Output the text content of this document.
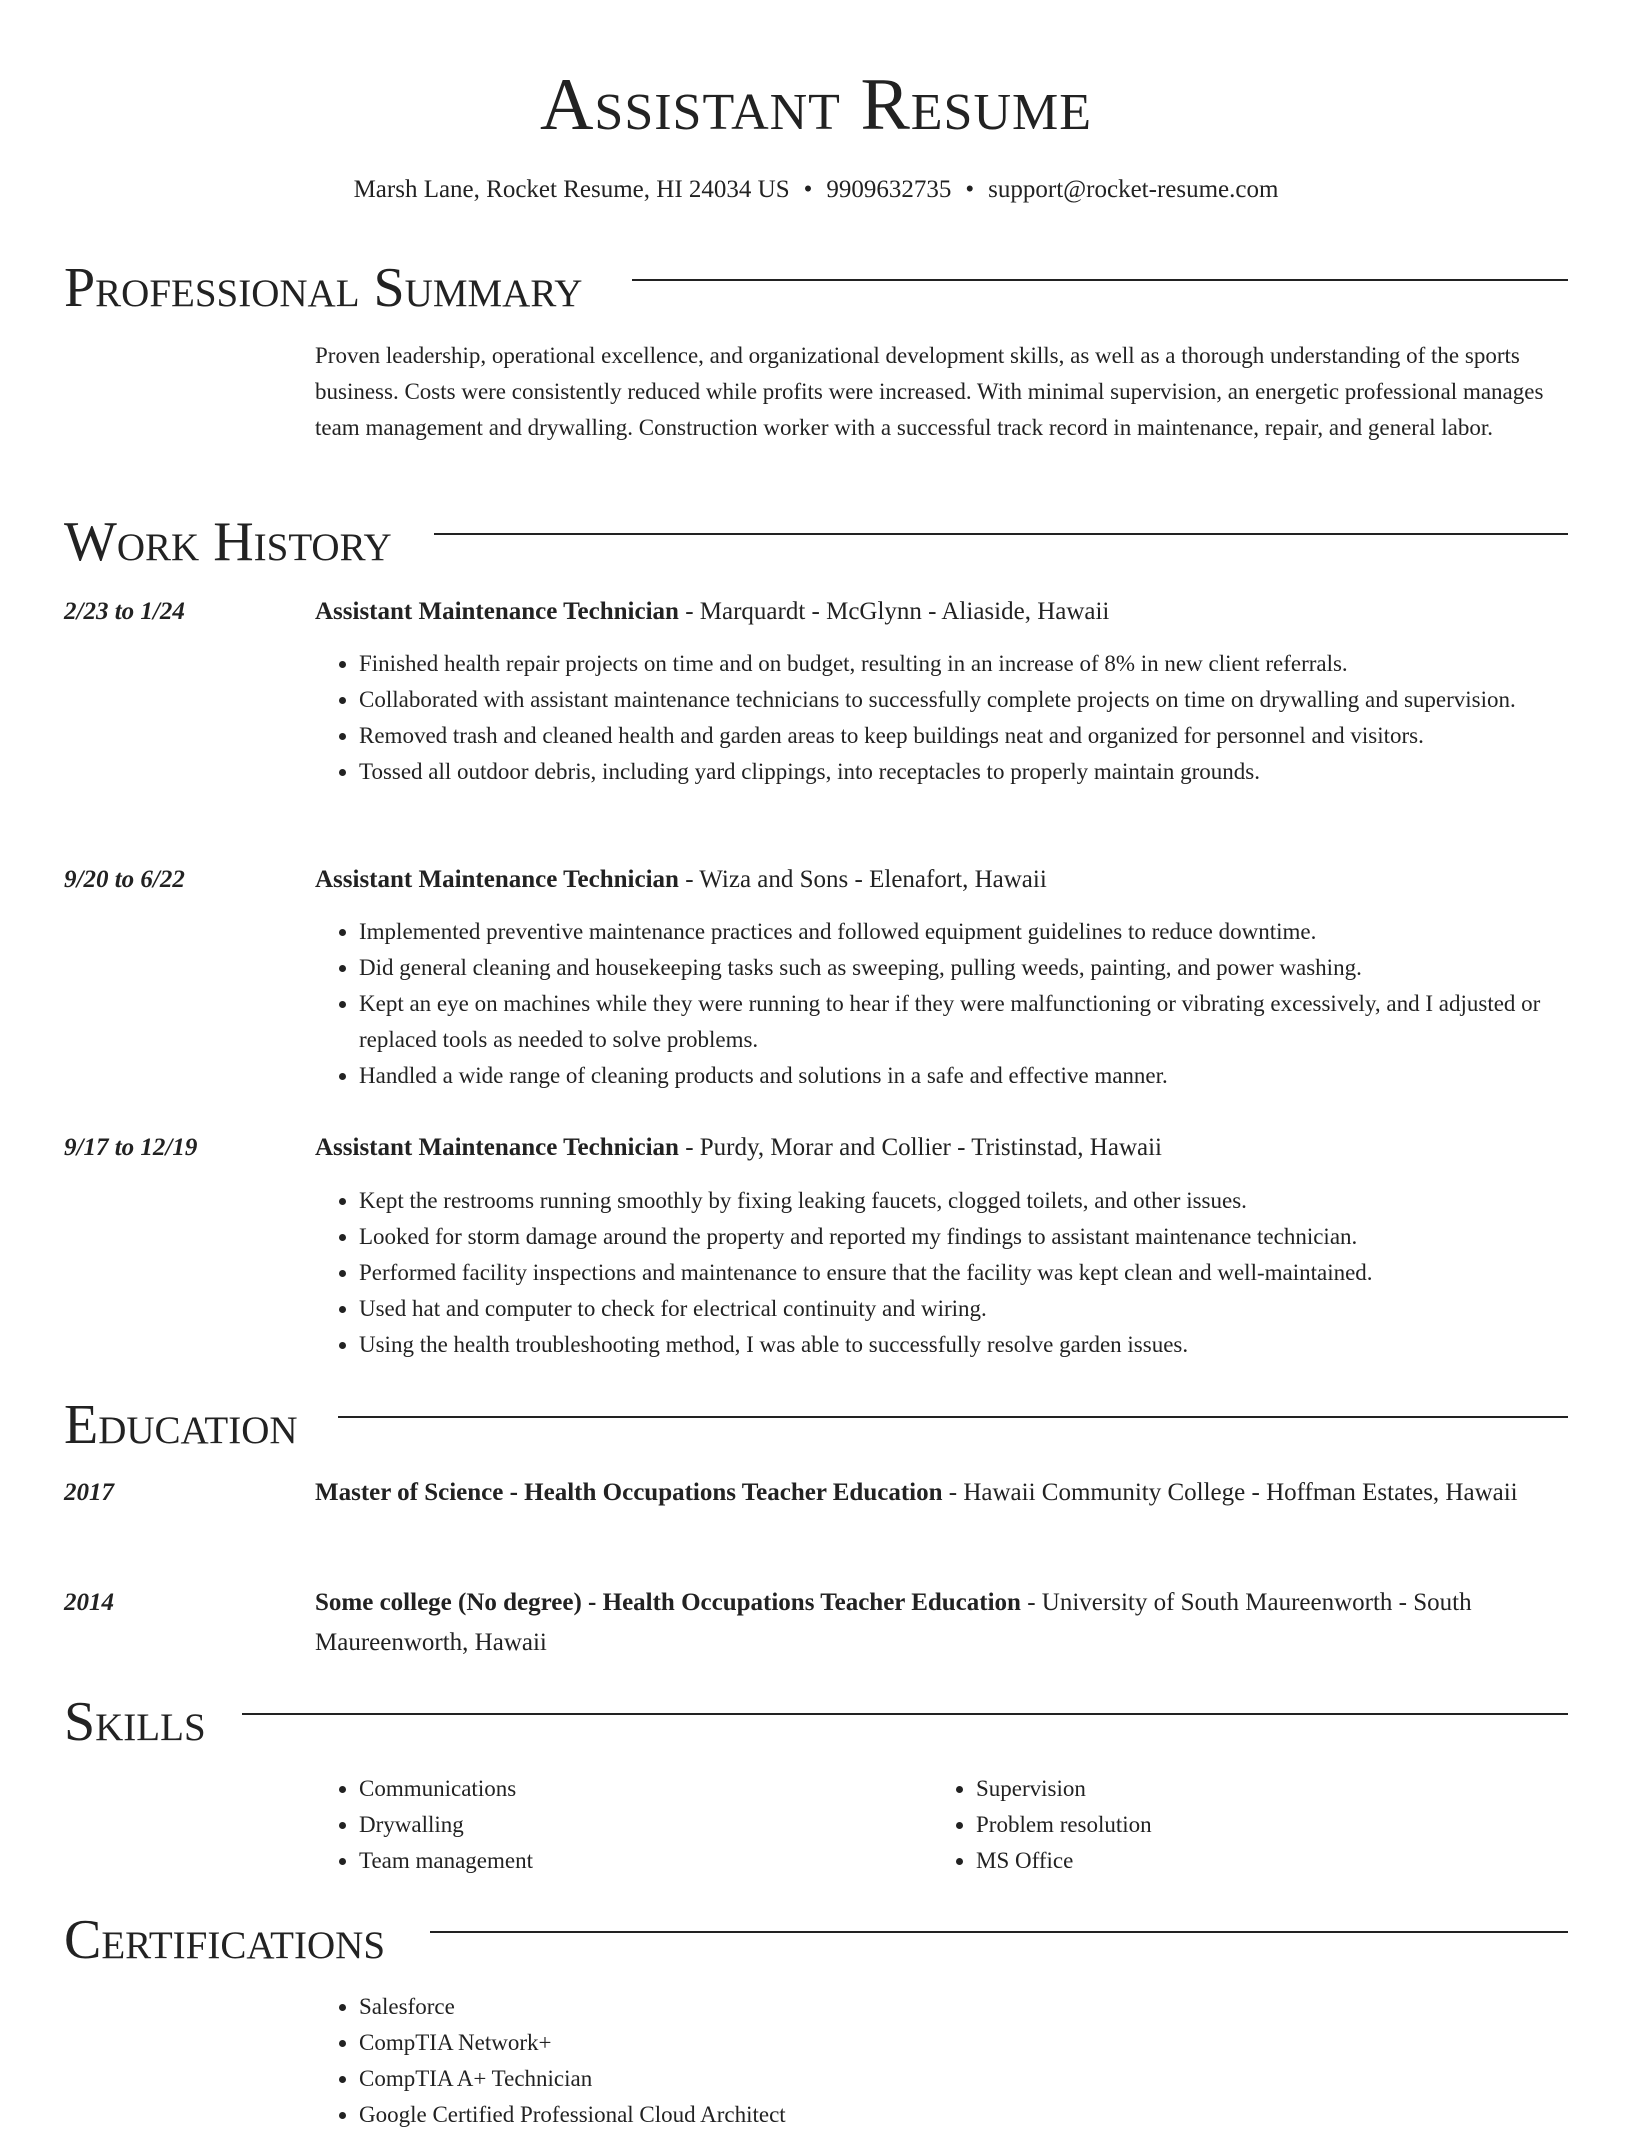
Assistant Resume
Marsh Lane, Rocket Resume, HI 24034 US • 9909632735 • support@rocket-resume.com
Professional Summary

Proven leadership, operational excellence, and organizational development skills, as well as a thorough understanding of the sports business. Costs were consistently reduced while profits were increased. With minimal supervision, an energetic professional manages team management and drywalling. Construction worker with a successful track record in maintenance, repair, and general labor.

Work History
2/23 to 1/24	Assistant Maintenance Technician - Marquardt - McGlynn - Aliaside, Hawaii
• Finished health repair projects on time and on budget, resulting in an increase of 8% in new client referrals.
• Collaborated with assistant maintenance technicians to successfully complete projects on time on drywalling and supervision.
• Removed trash and cleaned health and garden areas to keep buildings neat and organized for personnel and visitors.
• Tossed all outdoor debris, including yard clippings, into receptacles to properly maintain grounds.
9/20 to 6/22	Assistant Maintenance Technician - Wiza and Sons - Elenafort, Hawaii
• Implemented preventive maintenance practices and followed equipment guidelines to reduce downtime.
• Did general cleaning and housekeeping tasks such as sweeping, pulling weeds, painting, and power washing.
• Kept an eye on machines while they were running to hear if they were malfunctioning or vibrating excessively, and I adjusted or replaced tools as needed to solve problems.
• Handled a wide range of cleaning products and solutions in a safe and effective manner.
9/17 to 12/19	Assistant Maintenance Technician - Purdy, Morar and Collier - Tristinstad, Hawaii
• Kept the restrooms running smoothly by fixing leaking faucets, clogged toilets, and other issues.
• Looked for storm damage around the property and reported my findings to assistant maintenance technician.
• Performed facility inspections and maintenance to ensure that the facility was kept clean and well-maintained.
• Used hat and computer to check for electrical continuity and wiring.
• Using the health troubleshooting method, I was able to successfully resolve garden issues.
Education
2017	Master of Science - Health Occupations Teacher Education - Hawaii Community College - Hoffman Estates, Hawaii
2014	Some college (No degree) - Health Occupations Teacher Education - University of South Maureenworth - South Maureenworth, Hawaii
Skills
• Communications
• Drywalling
• Team management
• Supervision
• Problem resolution
• MS Office
Certifications
• Salesforce
• CompTIA Network+
• CompTIA A+ Technician
• Google Certified Professional Cloud Architect
